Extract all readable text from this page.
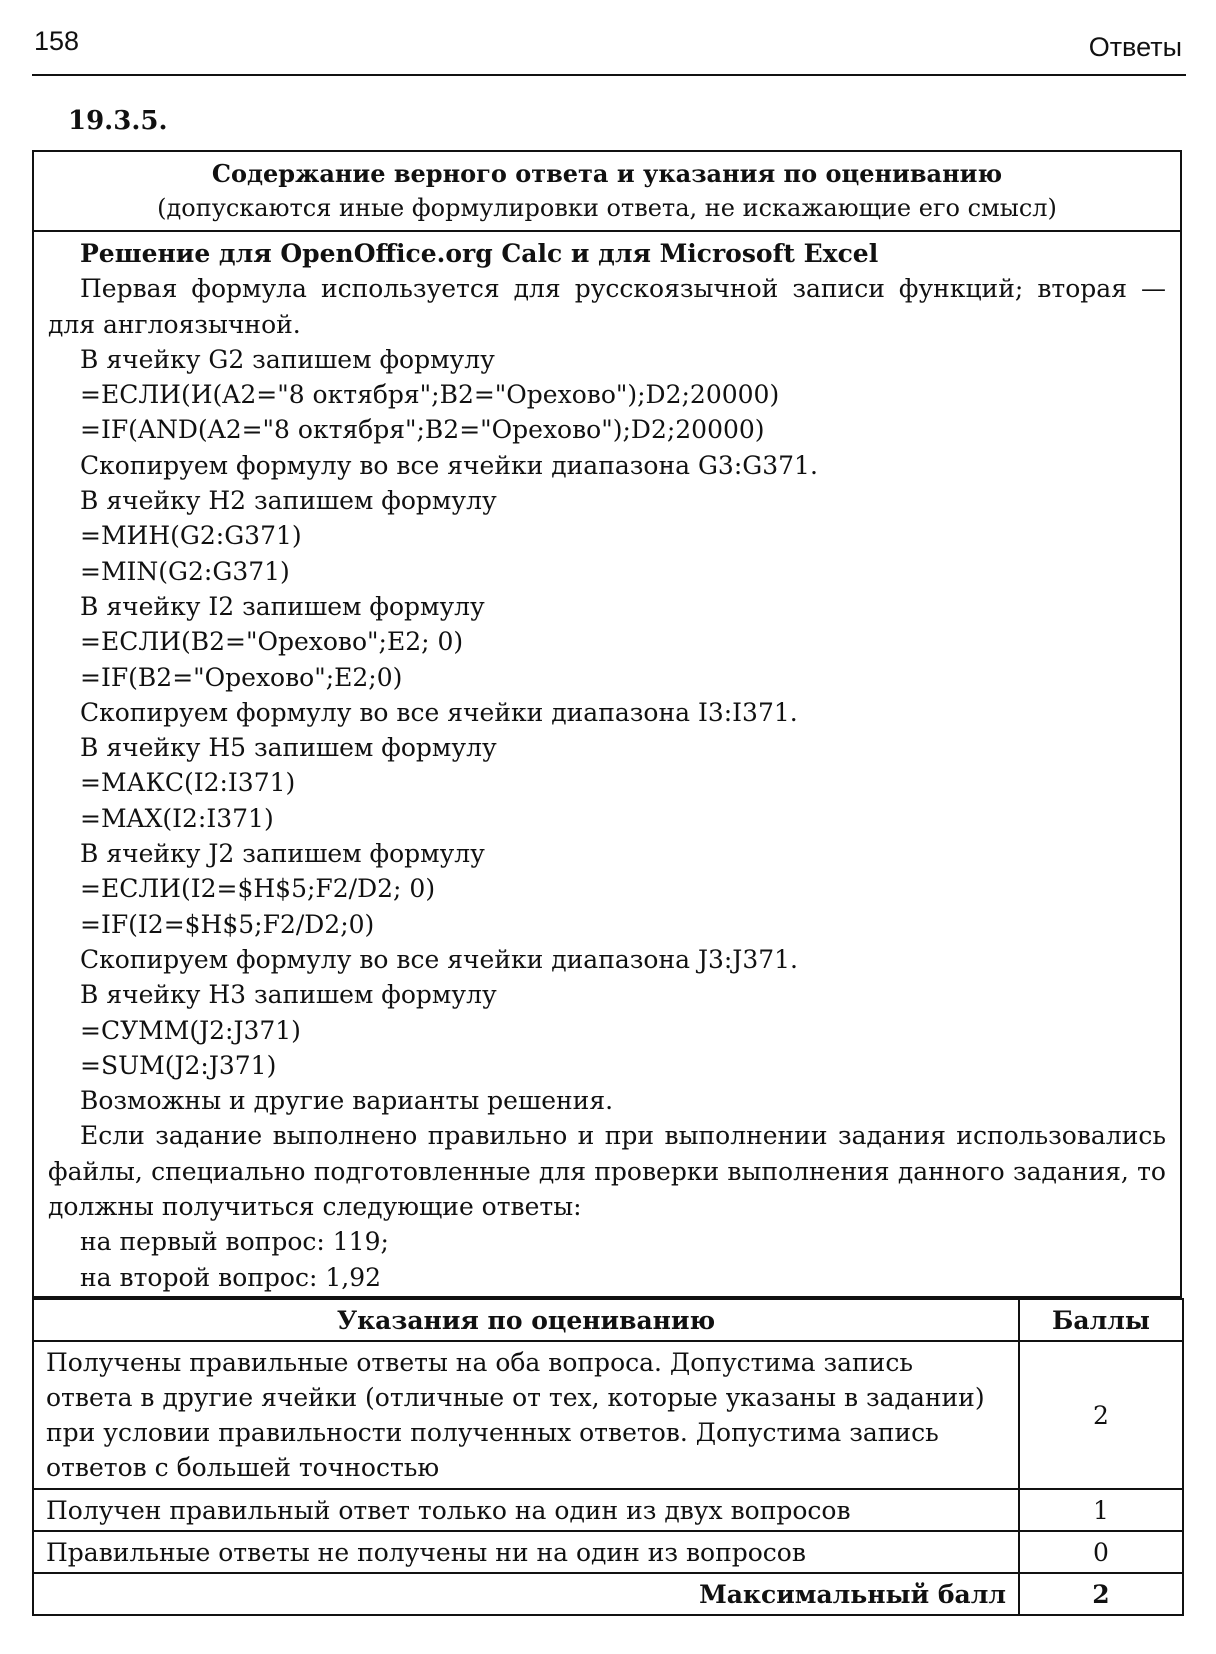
158	Ответы
19.3.5.
Содержание верного ответа и указания по оцениванию
(допускаются иные формулировки ответа, не искажающие его смысл)
Решение для OpenOffice.org Calc и для Microsoft Excel
Первая формула используется для русскоязычной записи функций; вторая — для англоязычной.
В ячейку G2 запишем формулу
=ЕСЛИ(И(A2="8 октября";B2="Орехово");D2;20000)
=IF(AND(A2="8 октября";B2="Орехово");D2;20000)
Скопируем формулу во все ячейки диапазона G3:G371.
В ячейку H2 запишем формулу
=МИН(G2:G371)
=MIN(G2:G371)
В ячейку I2 запишем формулу
=ЕСЛИ(B2="Орехово";E2; 0)
=IF(B2="Орехово";E2;0)
Скопируем формулу во все ячейки диапазона I3:I371.
В ячейку H5 запишем формулу
=МАКС(I2:I371)
=MAX(I2:I371)
В ячейку J2 запишем формулу
=ЕСЛИ(I2=$H$5;F2/D2; 0)
=IF(I2=$H$5;F2/D2;0)
Скопируем формулу во все ячейки диапазона J3:J371.
В ячейку H3 запишем формулу
=СУММ(J2:J371)
=SUM(J2:J371)
Возможны и другие варианты решения.
Если задание выполнено правильно и при выполнении задания использовались файлы, специально подготовленные для проверки выполнения данного задания, то должны получиться следующие ответы:
на первый вопрос: 119;
на второй вопрос: 1,92
Указания по оцениванию	Баллы
Получены правильные ответы на оба вопроса. Допустима запись ответа в другие ячейки (отличные от тех, которые указаны в задании) при условии правильности полученных ответов. Допустима запись ответов с большей точностью	2
Получен правильный ответ только на один из двух вопросов	1
Правильные ответы не получены ни на один из вопросов	0
Максимальный балл	2
